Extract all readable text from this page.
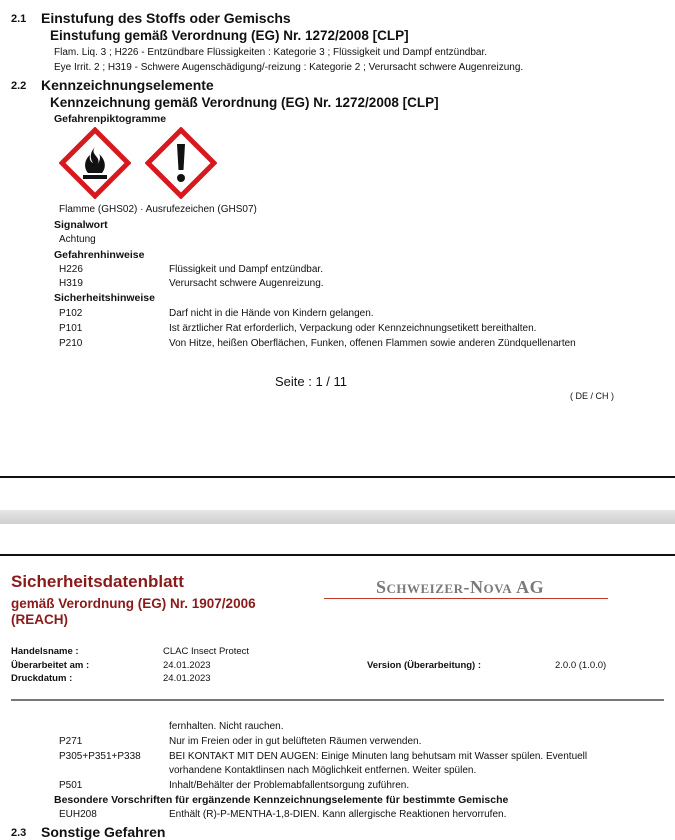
2.1 Einstufung des Stoffs oder Gemischs
Einstufung gemäß Verordnung (EG) Nr. 1272/2008 [CLP]
Flam. Liq. 3 ; H226 - Entzündbare Flüssigkeiten : Kategorie 3 ; Flüssigkeit und Dampf entzündbar.
Eye Irrit. 2 ; H319 - Schwere Augenschädigung/-reizung : Kategorie 2 ; Verursacht schwere Augenreizung.
2.2 Kennzeichnungselemente
Kennzeichnung gemäß Verordnung (EG) Nr. 1272/2008 [CLP]
Gefahrenpiktogramme
Flamme (GHS02) · Ausrufezeichen (GHS07)
Signalwort
Achtung
Gefahrenhinweise
H226	Flüssigkeit und Dampf entzündbar.
H319	Verursacht schwere Augenreizung.
Sicherheitshinweise
P102	Darf nicht in die Hände von Kindern gelangen.
P101	Ist ärztlicher Rat erforderlich, Verpackung oder Kennzeichnungsetikett bereithalten.
P210	Von Hitze, heißen Oberflächen, Funken, offenen Flammen sowie anderen Zündquellenarten
Seite : 1 / 11
( DE / CH )
Sicherheitsdatenblatt
gemäß Verordnung (EG) Nr. 1907/2006
(REACH)
Schweizer-Nova AG
Handelsname :	CLAC Insect Protect
Überarbeitet am :	24.01.2023	Version (Überarbeitung) :	2.0.0 (1.0.0)
Druckdatum :	24.01.2023
fernhalten. Nicht rauchen.
P271	Nur im Freien oder in gut belüfteten Räumen verwenden.
P305+P351+P338	BEI KONTAKT MIT DEN AUGEN: Einige Minuten lang behutsam mit Wasser spülen. Eventuell
vorhandene Kontaktlinsen nach Möglichkeit entfernen. Weiter spülen.
P501	Inhalt/Behälter der Problemabfallentsorgung zuführen.
Besondere Vorschriften für ergänzende Kennzeichnungselemente für bestimmte Gemische
EUH208	Enthält (R)-P-MENTHA-1,8-DIEN. Kann allergische Reaktionen hervorrufen.
2.3 Sonstige Gefahren
